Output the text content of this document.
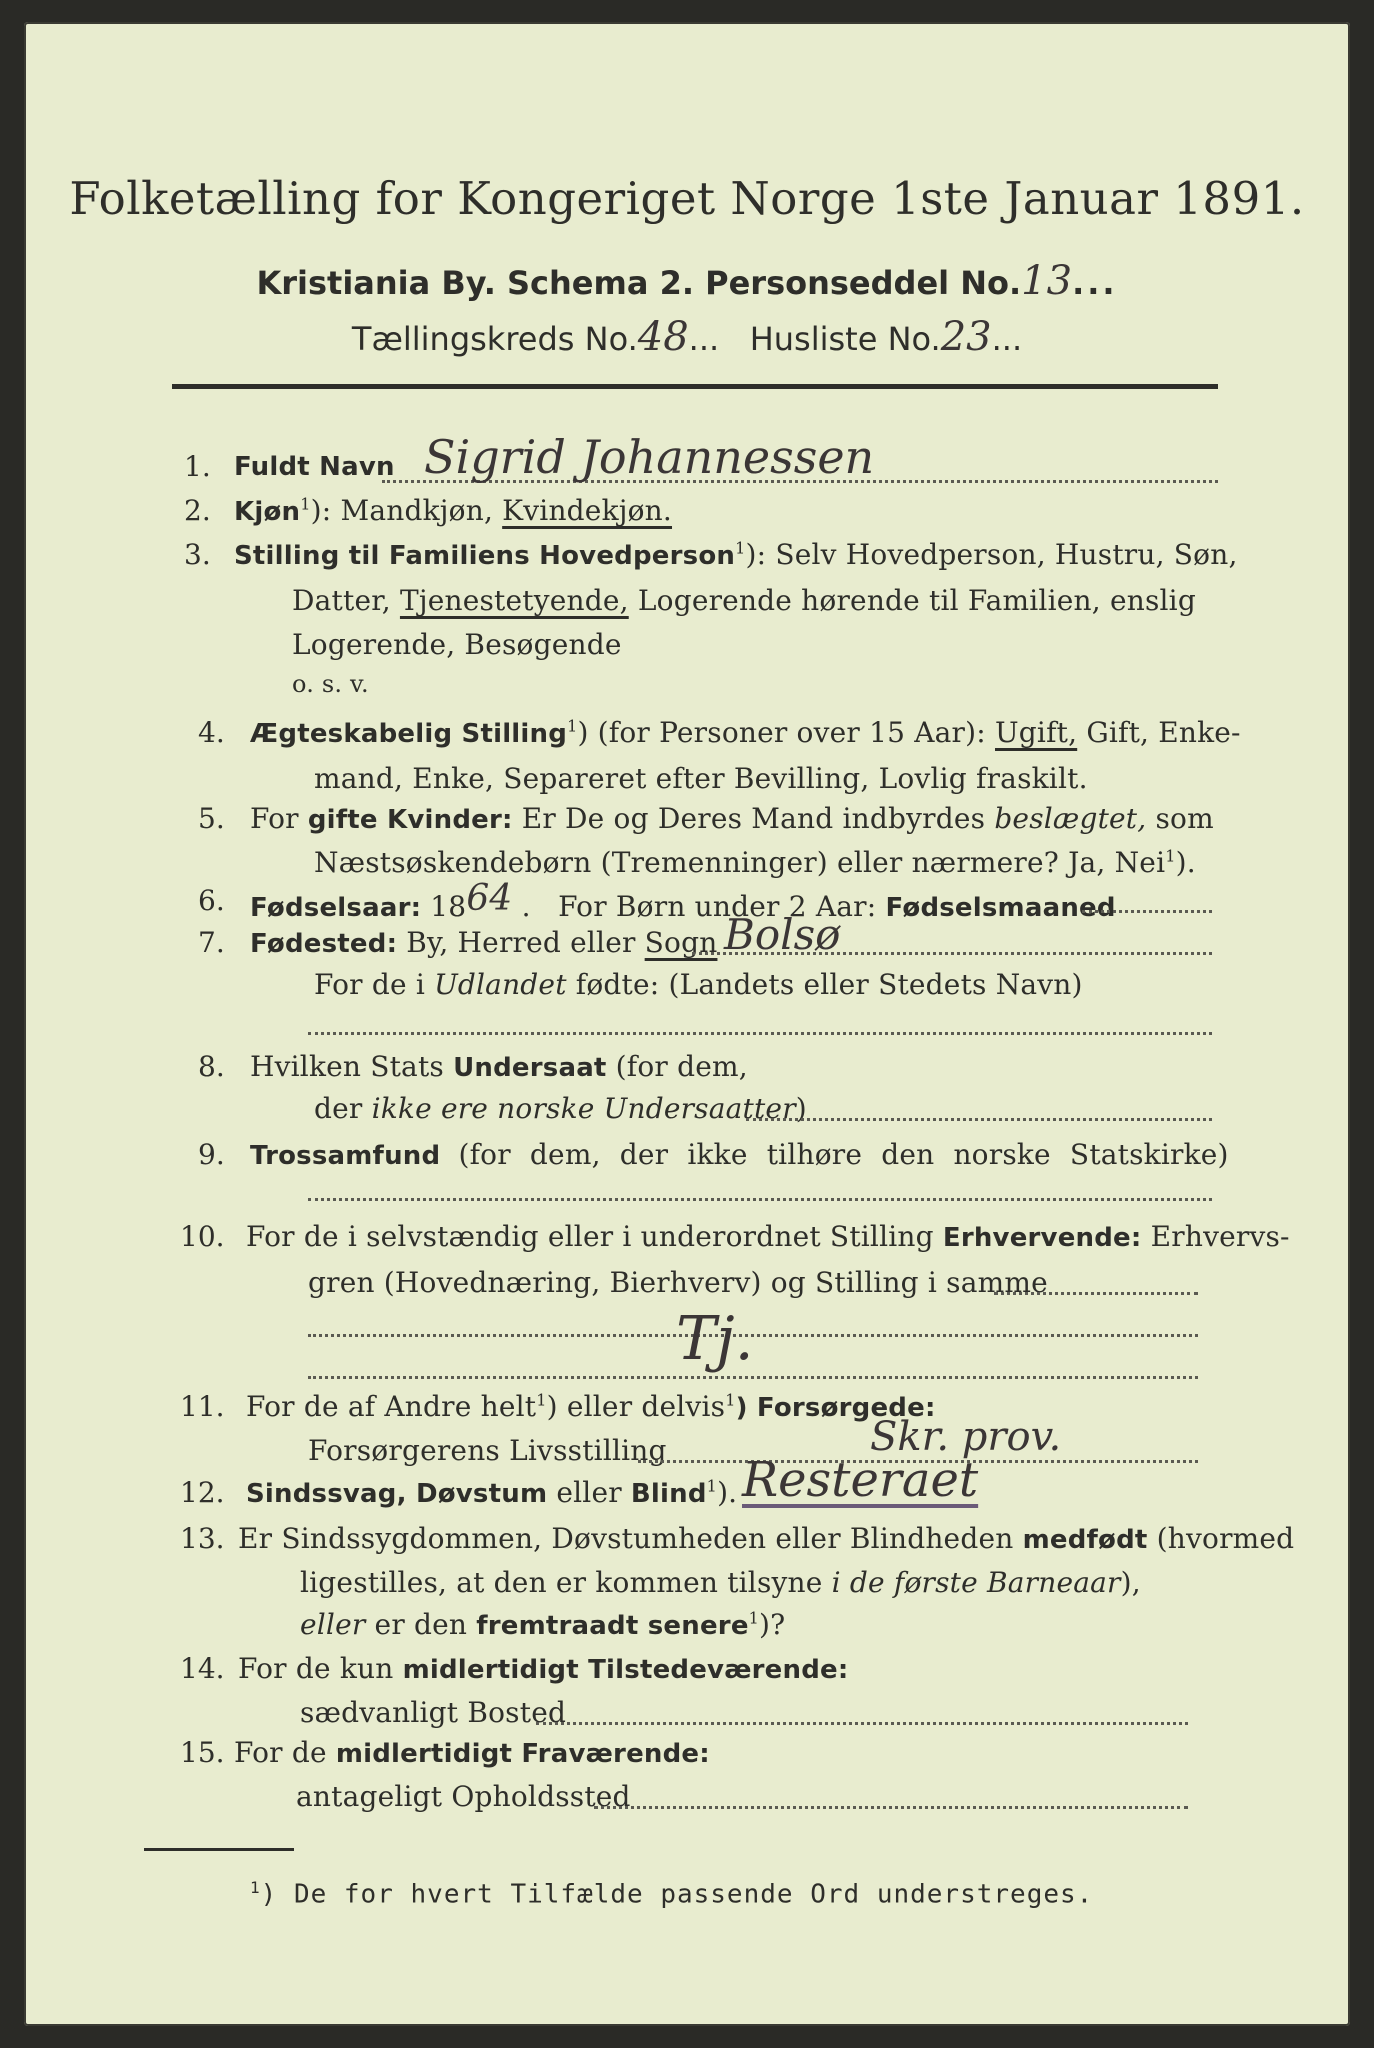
Folketælling for Kongeriget Norge 1ste Januar 1891.
Kristiania By. Schema 2. Personseddel No.13...
Tællingskreds No.48...   Husliste No.23...
1. Fuldt Navn Sigrid Johannessen
2. Kjøn$^1$): Mandkjøn, Kvindekjøn.
3. Stilling til Familiens Hovedperson$^1$): Selv Hovedperson, Hustru, Søn,
Datter, Tjenestetyende, Logerende hørende til Familien, enslig
Logerende, Besøgende
o. s. v.
4. Ægteskabelig Stilling$^1$) (for Personer over 15 Aar): Ugift, Gift, Enke-
mand, Enke, Separeret efter Bevilling, Lovlig fraskilt.
5. For gifte Kvinder: Er De og Deres Mand indbyrdes beslægtet, som
Næstsøskendebørn (Tremenninger) eller nærmere? Ja, Nei$^1$).
6. Fødselsaar: 1864 .   For Børn under 2 Aar: Fødselsmaaned
7. Fødested: By, Herred eller Sogn Bolsø
For de i Udlandet fødte: (Landets eller Stedets Navn)
8. Hvilken Stats Undersaat (for dem,
der ikke ere norske Undersaatter)
9. Trossamfund (for dem, der ikke tilhøre den norske Statskirke)
10. For de i selvstændig eller i underordnet Stilling Erhvervende: Erhvervs-
gren (Hovednæring, Bierhverv) og Stilling i samme
Tj.
11. For de af Andre helt$^1$) eller delvis$^1$) Forsørgede:
Forsørgerens Livsstilling	Skr. prov.
12. Sindssvag, Døvstum eller Blind$^1$). Resteraet
13. Er Sindssygdommen, Døvstumheden eller Blindheden medfødt (hvormed
ligestilles, at den er kommen tilsyne i de første Barneaar),
eller er den fremtraadt senere$^1$)?
14. For de kun midlertidigt Tilstedeværende:
sædvanligt Bosted
15. For de midlertidigt Fraværende:
antageligt Opholdssted
$^1$) De for hvert Tilfælde passende Ord understreges.
